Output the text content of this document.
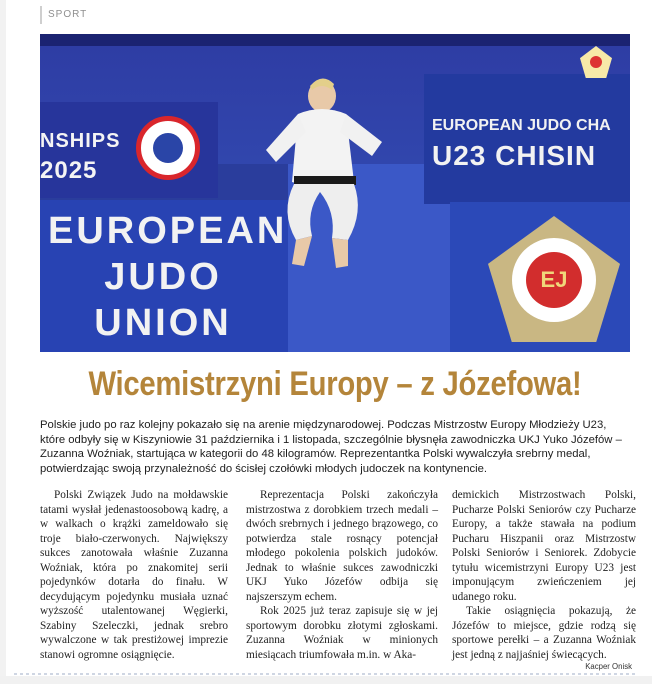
SPORT
NSHIPS
2025
EUROPEAN
JUDO
UNION
EUROPEAN JUDO CHA
U23 CHISIN
EJ
Wicemistrzyni Europy – z Józefowa!
Polskie judo po raz kolejny pokazało się na arenie międzynarodowej. Podczas Mistrzostw Europy Młodzieży U23, które odbyły się w Kiszyniowie 31 października i 1 listopada, szczególnie błysnęła zawodniczka UKJ Yuko Józefów – Zuzanna Woźniak, startująca w kategorii do 48 kilogramów. Reprezentantka Polski wywalczyła srebrny medal, potwierdzając swoją przynależność do ścisłej czołówki młodych judoczek na kontynencie.

Polski Związek Judo na mołdawskie tatami wysłał jedenastoosobową kadrę, a w walkach o krążki zameldowało się troje biało-czerwonych. Największy sukces zanotowała właśnie Zuzanna Woźniak, która po znakomitej serii pojedynków dotarła do finału. W decydującym pojedynku musiała uznać wyższość utalentowanej Węgierki, Szabiny Szeleczki, jednak srebro wywalczone w tak prestiżowej imprezie stanowi ogromne osiągnięcie.

Reprezentacja Polski zakończyła mistrzostwa z dorobkiem trzech medali – dwóch srebrnych i jednego brązowego, co potwierdza stale rosnący potencjał młodego pokolenia polskich judoków. Jednak to właśnie sukces zawodniczki UKJ Yuko Józefów odbija się najszerszym echem.

Rok 2025 już teraz zapisuje się w jej sportowym dorobku złotymi zgłoskami. Zuzanna Woźniak w minionych miesiącach triumfowała m.in. w Aka-

demickich Mistrzostwach Polski, Pucharze Polski Seniorów czy Pucharze Europy, a także stawała na podium Pucharu Hiszpanii oraz Mistrzostw Polski Seniorów i Seniorek. Zdobycie tytułu wicemistrzyni Europy U23 jest imponującym zwieńczeniem jej udanego roku.

Takie osiągnięcia pokazują, że Józefów to miejsce, gdzie rodzą się sportowe perełki – a Zuzanna Woźniak jest jedną z najjaśniej świecących.

Kacper Onisk
